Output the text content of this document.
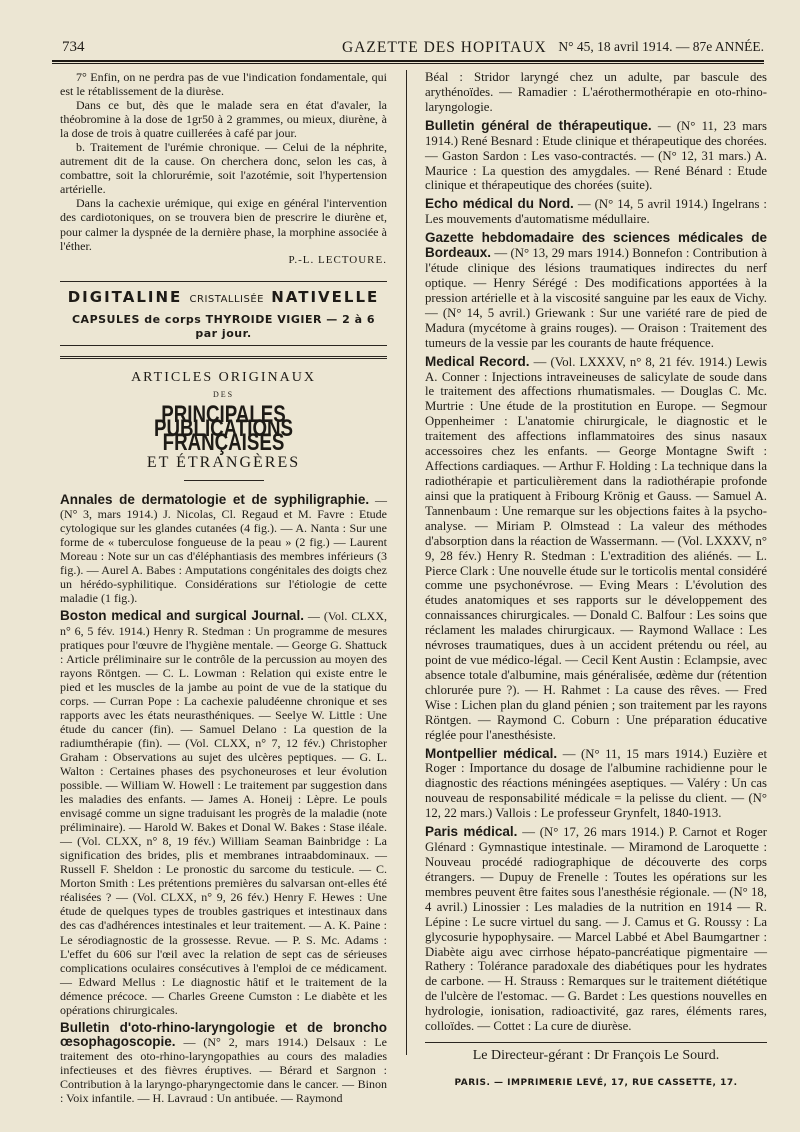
734	GAZETTE DES HOPITAUX N° 45, 18 avril 1914. — 87e ANNÉE.

7° Enfin, on ne perdra pas de vue l'indication fondamentale, qui est le rétablissement de la diurèse.

Dans ce but, dès que le malade sera en état d'avaler, la théobromine à la dose de 1gr50 à 2 grammes, ou mieux, diurène, à la dose de trois à quatre cuillerées à café par jour.

b. Traitement de l'urémie chronique. — Celui de la néphrite, autrement dit de la cause. On cherchera donc, selon les cas, à combattre, soit la chlorurémie, soit l'azotémie, soit l'hypertension artérielle.

Dans la cachexie urémique, qui exige en général l'intervention des cardiotoniques, on se trouvera bien de prescrire le diurène et, pour calmer la dyspnée de la dernière phase, la morphine associée à l'éther.

P.-L. LECTOURE.

DIGITALINE CRISTALLISÉE NATIVELLE
CAPSULES de corps THYROIDE VIGIER — 2 à 6 par jour.
ARTICLES ORIGINAUX
DES
PRINCIPALES PUBLICATIONS FRANÇAISES
ET ÉTRANGÈRES

Annales de dermatologie et de syphiligraphie. — (N° 3, mars 1914.) J. Nicolas, Cl. Regaud et M. Favre : Etude cytologique sur les glandes cutanées (4 fig.). — A. Nanta : Sur une forme de « tuberculose fongueuse de la peau » (2 fig.) — Laurent Moreau : Note sur un cas d'éléphantiasis des membres inférieurs (3 fig.). — Aurel A. Babes : Amputations congénitales des doigts chez un hérédo-syphilitique. Considérations sur l'étiologie de cette maladie (1 fig.).

Boston medical and surgical Journal. — (Vol. CLXX, n° 6, 5 fév. 1914.) Henry R. Stedman : Un programme de mesures pratiques pour l'œuvre de l'hygiène mentale. — George G. Shattuck : Article préliminaire sur le contrôle de la percussion au moyen des rayons Röntgen. — C. L. Lowman : Relation qui existe entre le pied et les muscles de la jambe au point de vue de la statique du corps. — Curran Pope : La cachexie paludéenne chronique et ses rapports avec les états neurasthéniques. — Seelye W. Little : Une étude du cancer (fin). — Samuel Delano : La question de la radiumthérapie (fin). — (Vol. CLXX, n° 7, 12 fév.) Christopher Graham : Observations au sujet des ulcères peptiques. — G. L. Walton : Certaines phases des psychoneuroses et leur évolution possible. — William W. Howell : Le traitement par suggestion dans les maladies des enfants. — James A. Honeij : Lèpre. Le pouls envisagé comme un signe traduisant les progrès de la maladie (note préliminaire). — Harold W. Bakes et Donal W. Bakes : Stase iléale. — (Vol. CLXX, n° 8, 19 fév.) William Seaman Bainbridge : La signification des brides, plis et membranes intraabdominaux. — Russell F. Sheldon : Le pronostic du sarcome du testicule. — C. Morton Smith : Les prétentions premières du salvarsan ont-elles été réalisées ? — (Vol. CLXX, n° 9, 26 fév.) Henry F. Hewes : Une étude de quelques types de troubles gastriques et intestinaux dans des cas d'adhérences intestinales et leur traitement. — A. K. Paine : Le sérodiagnostic de la grossesse. Revue. — P. S. Mc. Adams : L'effet du 606 sur l'œil avec la relation de sept cas de sérieuses complications oculaires consécutives à l'emploi de ce médicament. — Edward Mellus : Le diagnostic hâtif et le traitement de la démence précoce. — Charles Greene Cumston : Le diabète et les opérations chirurgicales.

Bulletin d'oto-rhino-laryngologie et de broncho œsophagoscopie. — (N° 2, mars 1914.) Delsaux : Le traitement des oto-rhino-laryngopathies au cours des maladies infectieuses et des fièvres éruptives. — Bérard et Sargnon : Contribution à la laryngo-pharyngectomie dans le cancer. — Binon : Voix infantile. — H. Lavraud : Un antibuée. — Raymond

Béal : Stridor laryngé chez un adulte, par bascule des arythénoïdes. — Ramadier : L'aérothermothérapie en oto-rhino-laryngologie.

Bulletin général de thérapeutique. — (N° 11, 23 mars 1914.) René Besnard : Etude clinique et thérapeutique des chorées. — Gaston Sardon : Les vaso-contractés. — (N° 12, 31 mars.) A. Maurice : La question des amygdales. — René Bénard : Etude clinique et thérapeutique des chorées (suite).

Echo médical du Nord. — (N° 14, 5 avril 1914.) Ingelrans : Les mouvements d'automatisme médullaire.

Gazette hebdomadaire des sciences médicales de Bordeaux. — (N° 13, 29 mars 1914.) Bonnefon : Contribution à l'étude clinique des lésions traumatiques indirectes du nerf optique. — Henry Sérégé : Des modifications apportées à la pression artérielle et à la viscosité sanguine par les eaux de Vichy. — (N° 14, 5 avril.) Griewank : Sur une variété rare de pied de Madura (mycétome à grains rouges). — Oraison : Traitement des tumeurs de la vessie par les courants de haute fréquence.

Medical Record. — (Vol. LXXXV, n° 8, 21 fév. 1914.) Lewis A. Conner : Injections intraveineuses de salicylate de soude dans le traitement des affections rhumatismales. — Douglas C. Mc. Murtrie : Une étude de la prostitution en Europe. — Segmour Oppenheimer : L'anatomie chirurgicale, le diagnostic et le traitement des affections inflammatoires des sinus nasaux accessoires chez les enfants. — George Montagne Swift : Affections cardiaques. — Arthur F. Holding : La technique dans la radiothérapie et particulièrement dans la radiothérapie profonde ainsi que la pratiquent à Fribourg Krönig et Gauss. — Samuel A. Tannenbaum : Une remarque sur les objections faites à la psycho-analyse. — Miriam P. Olmstead : La valeur des méthodes d'absorption dans la réaction de Wassermann. — (Vol. LXXXV, n° 9, 28 fév.) Henry R. Stedman : L'extradition des aliénés. — L. Pierce Clark : Une nouvelle étude sur le torticolis mental considéré comme une psychonévrose. — Eving Mears : L'évolution des études anatomiques et ses rapports sur le développement des connaissances chirurgicales. — Donald C. Balfour : Les soins que réclament les malades chirurgicaux. — Raymond Wallace : Les névroses traumatiques, dues à un accident prétendu ou réel, au point de vue médico-légal. — Cecil Kent Austin : Eclampsie, avec absence totale d'albumine, mais généralisée, œdème dur (rétention chlorurée pure ?). — H. Rahmet : La cause des rêves. — Fred Wise : Lichen plan du gland pénien ; son traitement par les rayons Röntgen. — Raymond C. Coburn : Une préparation éducative réglée pour l'anesthésiste.

Montpellier médical. — (N° 11, 15 mars 1914.) Euzière et Roger : Importance du dosage de l'albumine rachidienne pour le diagnostic des réactions méningées aseptiques. — Valéry : Un cas nouveau de responsabilité médicale = la pelisse du client. — (N° 12, 22 mars.) Vallois : Le professeur Grynfelt, 1840-1913.

Paris médical. — (N° 17, 26 mars 1914.) P. Carnot et Roger Glénard : Gymnastique intestinale. — Miramond de Laroquette : Nouveau procédé radiographique de découverte des corps étrangers. — Dupuy de Frenelle : Toutes les opérations sur les membres peuvent être faites sous l'anesthésie régionale. — (N° 18, 4 avril.) Linossier : Les maladies de la nutrition en 1914 — R. Lépine : Le sucre virtuel du sang. — J. Camus et G. Roussy : La glycosurie hypophysaire. — Marcel Labbé et Abel Baumgartner : Diabète aigu avec cirrhose hépato-pancréatique pigmentaire — Rathery : Tolérance paradoxale des diabétiques pour les hydrates de carbone. — H. Strauss : Remarques sur le traitement diététique de l'ulcère de l'estomac. — G. Bardet : Les questions nouvelles en hydrologie, ionisation, radioactivité, gaz rares, éléments rares, colloïdes. — Cottet : La cure de diurèse.

Le Directeur-gérant : Dr François Le Sourd.
PARIS. — IMPRIMERIE LEVÉ, 17, RUE CASSETTE, 17.
